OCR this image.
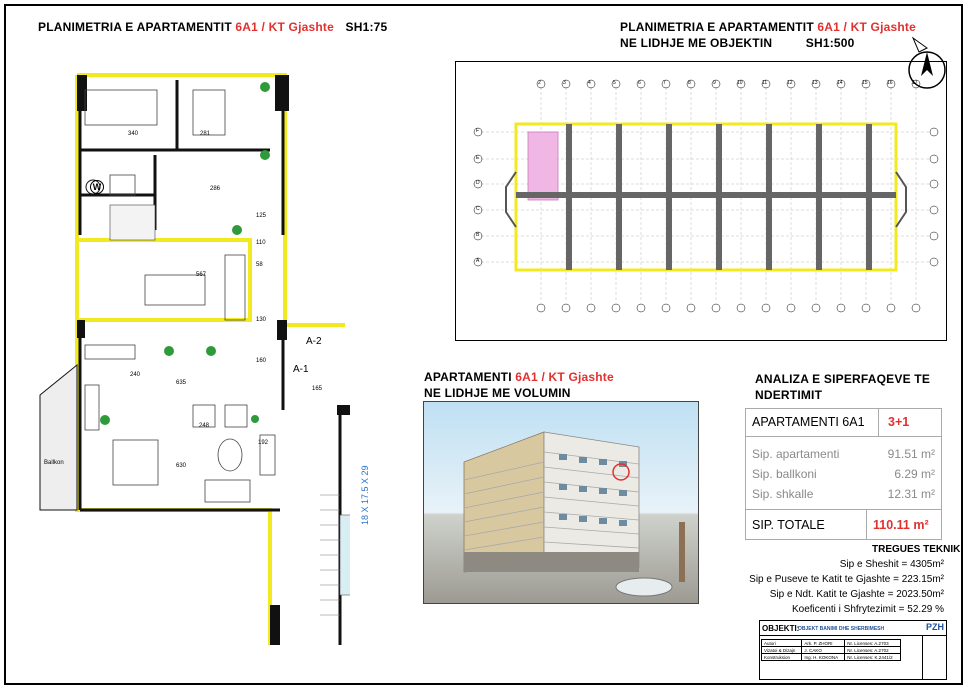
PLANIMETRIA E APARTAMENTIT 6A1 / KT Gjashte SH1:75	PLANIMETRIA E APARTAMENTIT 6A1 / KT Gjashte
NE LIDHJE ME OBJEKTIN	SH1:500
W
A-2
A-1
18 X 17.5 X 29
Ballkon
340	281
286
125
110
58
567
130
160
240
635
630
165
248
192
2	3	4	5	6	7	8	9	10	11	12	13	14	15	16	17
F
E
D
C
B
A
APARTAMENTI 6A1 / KT Gjashte
NE LIDHJE ME VOLUMIN
ANALIZA E SIPERFAQEVE TE
NDERTIMIT
APARTAMENTI 6A1 3+1
Sip. apartamenti	91.51 m²
Sip. ballkoni	6.29 m²
Sip. shkalle	12.31 m²
SIP. TOTALE	110.11 m²
TREGUES TEKNIK
Sip e Sheshit = 4305m²
Sip e Puseve te Katit te Gjashte = 223.15m²
Sip e Ndt. Katit te Gjashte = 2023.50m²
Koeficenti i Shfrytezimit = 52.29 %
OBJEKTI:
OBJEKT BANIMI DHE SHERBIMESH	PZH
Autori	Ark. P. ZHORI	Nr. Licenses: A.2703
Vizatoi & Dizajn	J. CAKO	Nr. Licenses: A.2702
Konstruksion	Ing. H. KOKONA	Nr. Licenses: K.2441/2
